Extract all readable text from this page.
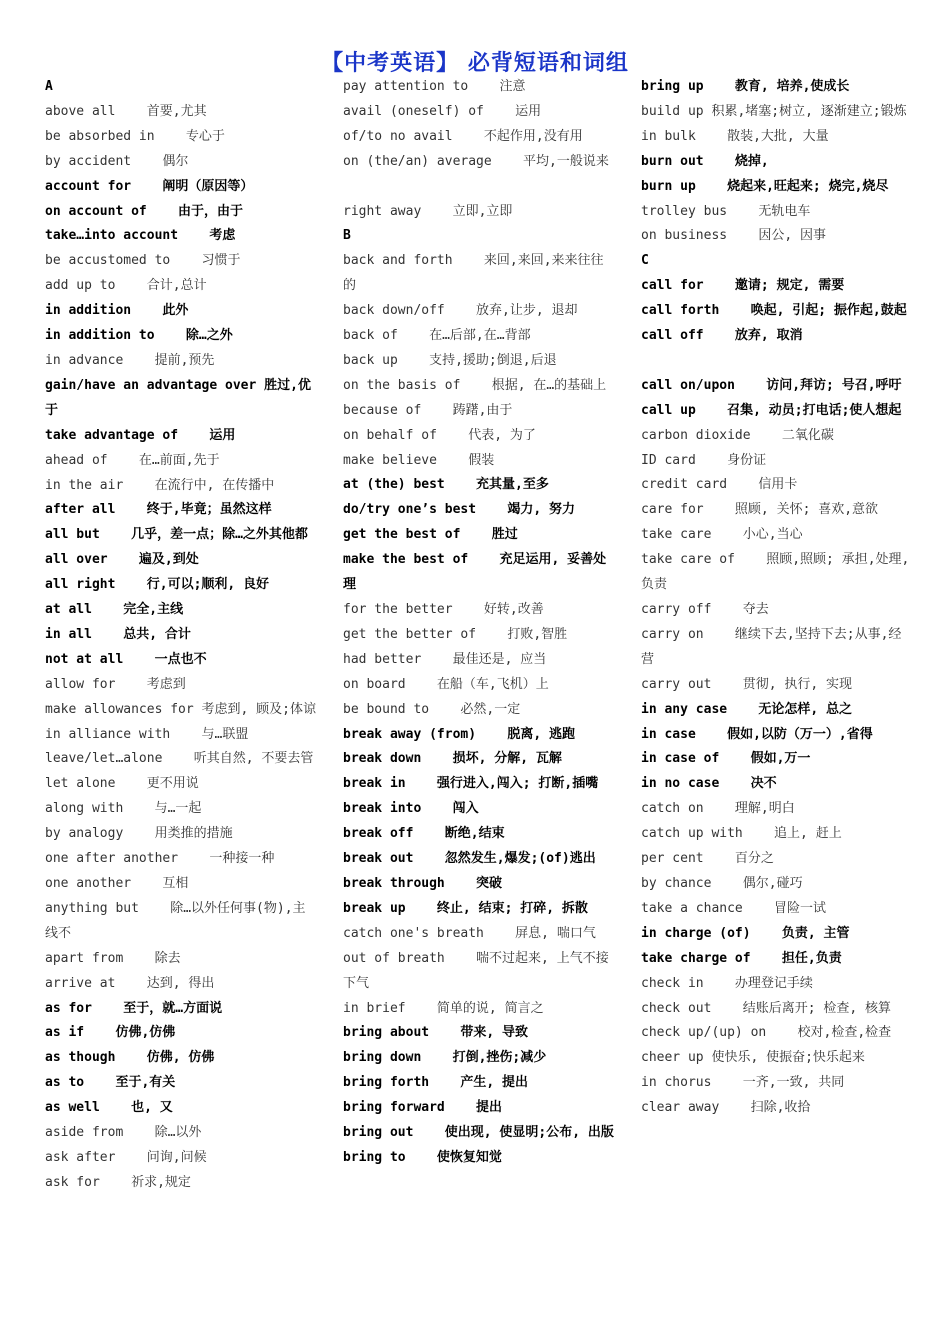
【中考英语】 必背短语和词组
A
above all    首要,尤其
be absorbed in    专心于
by accident    偶尔
account for    阐明（原因等）
on account of    由于，由于
take…into account    考虑
be accustomed to    习惯于
add up to    合计,总计
in addition    此外
in addition to    除…之外
in advance    提前,预先
gain/have an advantage over 胜过,优于
take advantage of    运用
ahead of    在…前面,先于
in the air    在流行中, 在传播中
after all    终于,毕竟；虽然这样
all but    几乎，差一点；除…之外其他都
all over    遍及,到处
all right    行,可以;顺利, 良好
at all    完全,主线
in all    总共, 合计
not at all    一点也不
allow for    考虑到
make allowances for 考虑到, 顾及;体谅
in alliance with    与…联盟
leave/let…alone    听其自然, 不要去管
let alone    更不用说
along with    与…一起
by analogy    用类推的措施
one after another    一种接一种
one another    互相
anything but    除…以外任何事(物),主线不
apart from    除去
arrive at    达到, 得出
as for    至于，就…方面说
as if    仿佛,仿佛
as though    仿佛, 仿佛
as to    至于,有关
as well    也, 又
aside from    除…以外
ask after    问询,问候
ask for    祈求,规定
pay attention to    注意
avail (oneself) of    运用
of/to no avail    不起作用,没有用
on (the/an) average    平均,一般说来
right away    立即,立即
B
back and forth    来回,来回,来来往往的
back down/off    放弃,让步, 退却
back of    在…后部,在…背部
back up    支持,援助;倒退,后退
on the basis of    根据, 在…的基础上
because of    踌躇,由于
on behalf of    代表, 为了
make believe    假装
at (the) best    充其量,至多
do/try one’s best    竭力, 努力
get the best of    胜过
make the best of    充足运用, 妥善处理
for the better    好转,改善
get the better of    打败,智胜
had better    最佳还是, 应当
on board    在船（车,飞机）上
be bound to    必然,一定
break away (from)    脱离, 逃跑
break down    损坏, 分解, 瓦解
break in    强行进入,闯入; 打断,插嘴
break into    闯入
break off    断绝,结束
break out    忽然发生,爆发;(of)逃出
break through    突破
break up    终止, 结束; 打碎, 拆散
catch one's breath    屏息, 喘口气
out of breath    喘不过起来, 上气不接下气
in brief    简单的说, 简言之
bring about    带来, 导致
bring down    打倒,挫伤;减少
bring forth    产生, 提出
bring forward    提出
bring out    使出现, 使显明;公布, 出版
bring to    使恢复知觉
bring up    教育, 培养,使成长
build up 积累,堵塞;树立, 逐渐建立;锻炼
in bulk    散装,大批, 大量
burn out    烧掉,
burn up    烧起来,旺起来; 烧完,烧尽
trolley bus    无轨电车
on business    因公, 因事
C
call for    邀请; 规定, 需要
call forth    唤起, 引起; 振作起,鼓起
call off    放弃, 取消
call on/upon    访问,拜访; 号召,呼吁
call up    召集, 动员;打电话;使人想起
carbon dioxide    二氧化碳
ID card    身份证
credit card    信用卡
care for    照顾, 关怀; 喜欢,意欲
take care    小心,当心
take care of    照顾,照顾; 承担,处理, 负责
carry off    夺去
carry on    继续下去,坚持下去;从事,经营
carry out    贯彻, 执行, 实现
in any case    无论怎样, 总之
in case    假如,以防（万一）,省得
in case of    假如,万一
in no case    决不
catch on    理解,明白
catch up with    追上, 赶上
per cent    百分之
by chance    偶尔,碰巧
take a chance    冒险一试
in charge (of)    负责, 主管
take charge of    担任,负责
check in    办理登记手续
check out    结账后离开; 检查, 核算
check up/(up) on    校对,检查,检查
cheer up 使快乐, 使振奋;快乐起来
in chorus    一齐,一致, 共同
clear away    扫除,收拾
